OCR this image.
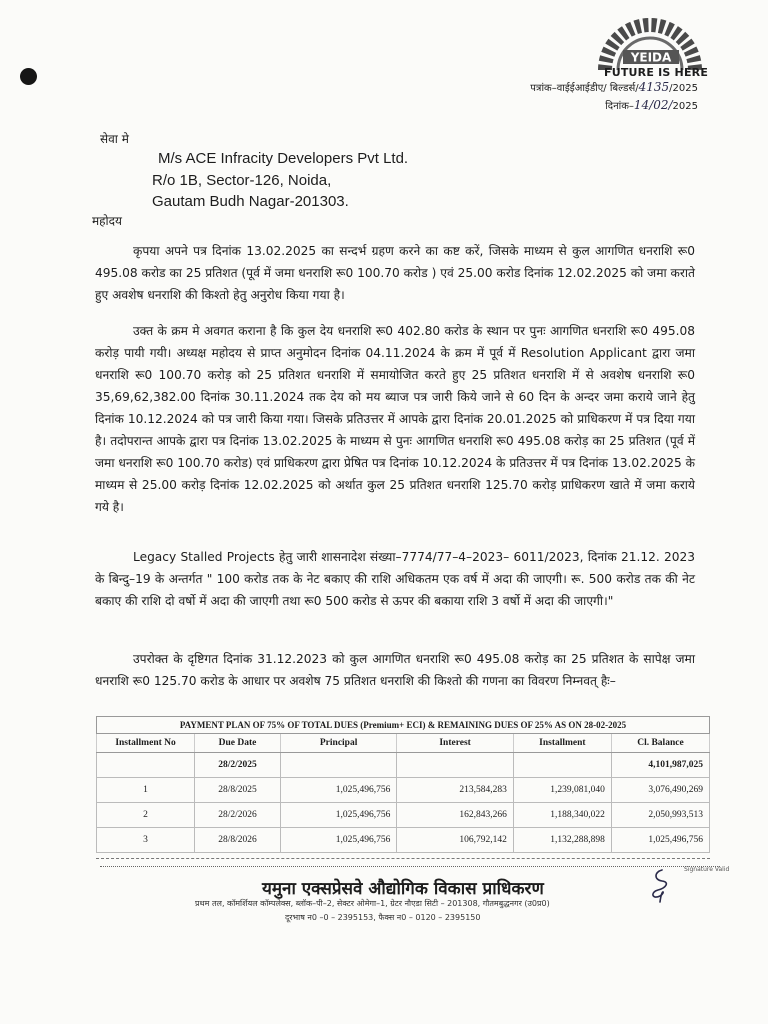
YEIDA
FUTURE IS HERE
पत्रांक–वाईईआईडीए/ बिल्डर्स/4135/2025
दिनांक–14/02/2025
सेवा मे
M/s ACE Infracity Developers Pvt Ltd.
R/o 1B, Sector-126, Noida,
Gautam Budh Nagar-201303.
महोदय
कृपया अपने पत्र दिनांक 13.02.2025 का सन्दर्भ ग्रहण करने का कष्ट करें, जिसके माध्यम से कुल आगणित धनराशि रू0 495.08 करोड का 25 प्रतिशत (पूर्व में जमा धनराशि रू0 100.70 करोड ) एवं 25.00 करोड दिनांक 12.02.2025 को जमा कराते हुए अवशेष धनराशि की किश्तो हेतु अनुरोध किया गया है।
उक्त के क्रम मे अवगत कराना है कि कुल देय धनराशि रू0 402.80 करोड के स्थान पर पुनः आगणित धनराशि रू0 495.08 करोड़ पायी गयी। अध्यक्ष महोदय से प्राप्त अनुमोदन दिनांक 04.11.2024 के क्रम में पूर्व में Resolution Applicant द्वारा जमा धनराशि रू0 100.70 करोड़ को 25 प्रतिशत धनराशि में समायोजित करते हुए 25 प्रतिशत धनराशि में से अवशेष धनराशि रू0 35,69,62,382.00 दिनांक 30.11.2024 तक देय को मय ब्याज पत्र जारी किये जाने से 60 दिन के अन्दर जमा कराये जाने हेतु दिनांक 10.12.2024 को पत्र जारी किया गया। जिसके प्रतिउत्तर में आपके द्वारा दिनांक 20.01.2025 को प्राधिकरण में पत्र दिया गया है। तदोपरान्त आपके द्वारा पत्र दिनांक 13.02.2025 के माध्यम से पुनः आगणित धनराशि रू0 495.08 करोड़ का 25 प्रतिशत (पूर्व में जमा धनराशि रू0 100.70 करोड) एवं प्राधिकरण द्वारा प्रेषित पत्र दिनांक 10.12.2024 के प्रतिउत्तर में पत्र दिनांक 13.02.2025 के माध्यम से 25.00 करोड़ दिनांक 12.02.2025 को अर्थात कुल 25 प्रतिशत धनराशि 125.70 करोड़ प्राधिकरण खाते में जमा कराये गये है।
Legacy Stalled Projects हेतु जारी शासनादेश संख्या–7774/77–4–2023– 6011/2023, दिनांक 21.12. 2023 के बिन्दु–19 के अन्तर्गत " 100 करोड तक के नेट बकाए की राशि अधिकतम एक वर्ष में अदा की जाएगी। रू. 500 करोड तक की नेट बकाए की राशि दो वर्षो में अदा की जाएगी तथा रू0 500 करोड से ऊपर की बकाया राशि 3 वर्षो में अदा की जाएगी।"
उपरोक्त के दृष्टिगत दिनांक 31.12.2023 को कुल आगणित धनराशि रू0 495.08 करोड़ का 25 प्रतिशत के सापेक्ष जमा धनराशि रू0 125.70 करोड के आधार पर अवशेष 75 प्रतिशत धनराशि की किश्तो की गणना का विवरण निम्नवत् हैः–
PAYMENT PLAN OF 75% OF TOTAL DUES (Premium+ ECI) & REMAINING DUES OF 25% AS ON 28-02-2025					
Installment No	Due Date	Principal	Interest	Installment	Cl. Balance
	28/2/2025				4,101,987,025
1	28/8/2025	1,025,496,756	213,584,283	1,239,081,040	3,076,490,269
2	28/2/2026	1,025,496,756	162,843,266	1,188,340,022	2,050,993,513
3	28/8/2026	1,025,496,756	106,792,142	1,132,288,898	1,025,496,756
Signature Valid
यमुना एक्सप्रेसवे औद्योगिक विकास प्राधिकरण
प्रथम तल, कॉमर्शियल कॉम्पलेक्स, ब्लॉक–पी–2, सेक्टर ओमेगा–1, ग्रेटर नौएडा सिटी – 201308, गौतमबुद्धनगर (उ0प्र0)
दूरभाष न0 –0 – 2395153, फैक्स न0 – 0120 – 2395150
